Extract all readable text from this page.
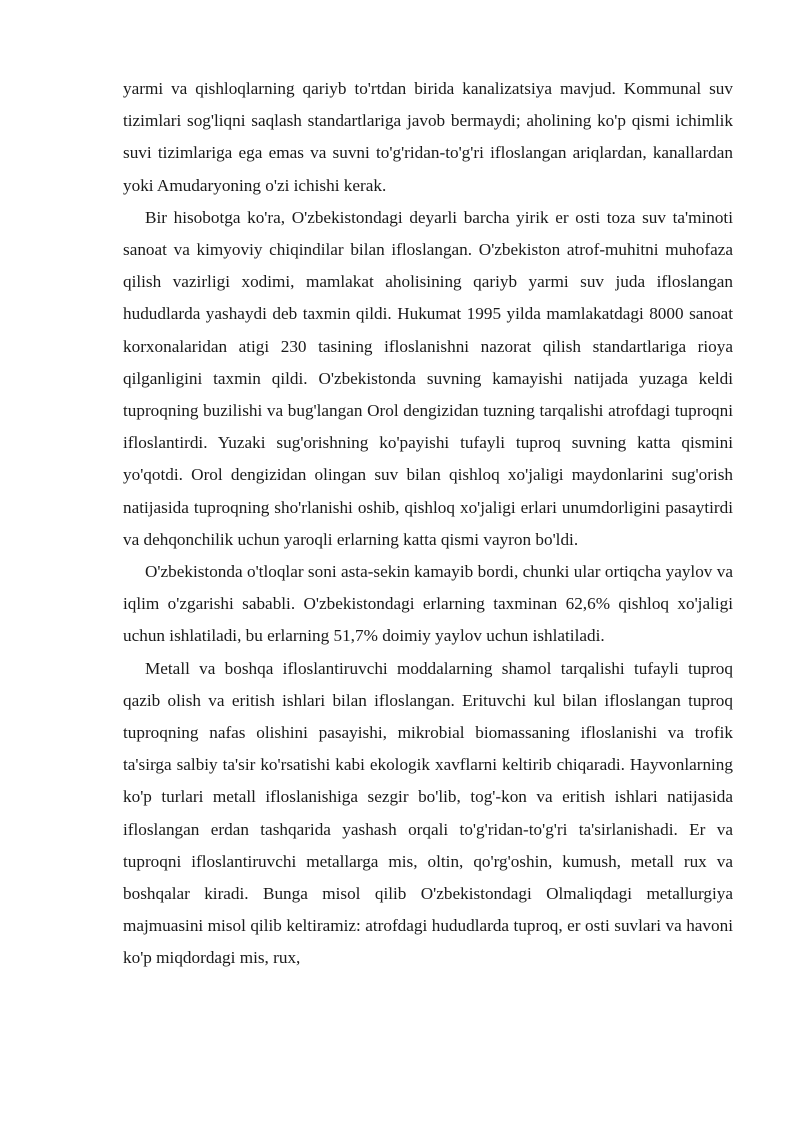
yarmi va qishloqlarning qariyb to'rtdan birida kanalizatsiya mavjud. Kommunal suv tizimlari sog'liqni saqlash standartlariga javob bermaydi; aholining ko'p qismi ichimlik suvi tizimlariga ega emas va suvni to'g'ridan-to'g'ri ifloslangan ariqlardan, kanallardan yoki Amudaryoning o'zi ichishi kerak.

Bir hisobotga ko'ra, O'zbekistondagi deyarli barcha yirik er osti toza suv ta'minoti sanoat va kimyoviy chiqindilar bilan ifloslangan. O'zbekiston atrof-muhitni muhofaza qilish vazirligi xodimi, mamlakat aholisining qariyb yarmi suv juda ifloslangan hududlarda yashaydi deb taxmin qildi. Hukumat 1995 yilda mamlakatdagi 8000 sanoat korxonalaridan atigi 230 tasining ifloslanishni nazorat qilish standartlariga rioya qilganligini taxmin qildi. O'zbekistonda suvning kamayishi natijada yuzaga keldi tuproqning buzilishi va bug'langan Orol dengizidan tuzning tarqalishi atrofdagi tuproqni ifloslantirdi. Yuzaki sug'orishning ko'payishi tufayli tuproq suvning katta qismini yo'qotdi. Orol dengizidan olingan suv bilan qishloq xo'jaligi maydonlarini sug'orish natijasida tuproqning sho'rlanishi oshib, qishloq xo'jaligi erlari unumdorligini pasaytirdi va dehqonchilik uchun yaroqli erlarning katta qismi vayron bo'ldi.

O'zbekistonda o'tloqlar soni asta-sekin kamayib bordi, chunki ular ortiqcha yaylov va iqlim o'zgarishi sababli. O'zbekistondagi erlarning taxminan 62,6% qishloq xo'jaligi uchun ishlatiladi, bu erlarning 51,7% doimiy yaylov uchun ishlatiladi.

Metall va boshqa ifloslantiruvchi moddalarning shamol tarqalishi tufayli tuproq qazib olish va eritish ishlari bilan ifloslangan. Erituvchi kul bilan ifloslangan tuproq tuproqning nafas olishini pasayishi, mikrobial biomassaning ifloslanishi va trofik ta'sirga salbiy ta'sir ko'rsatishi kabi ekologik xavflarni keltirib chiqaradi. Hayvonlarning ko'p turlari metall ifloslanishiga sezgir bo'lib, tog'-kon va eritish ishlari natijasida ifloslangan erdan tashqarida yashash orqali to'g'ridan-to'g'ri ta'sirlanishadi. Er va tuproqni ifloslantiruvchi metallarga mis, oltin, qo'rg'oshin, kumush, metall rux va boshqalar kiradi. Bunga misol qilib O'zbekistondagi Olmaliqdagi metallurgiya majmuasini misol qilib keltiramiz: atrofdagi hududlarda tuproq, er osti suvlari va havoni ko'p miqdordagi mis, rux,
